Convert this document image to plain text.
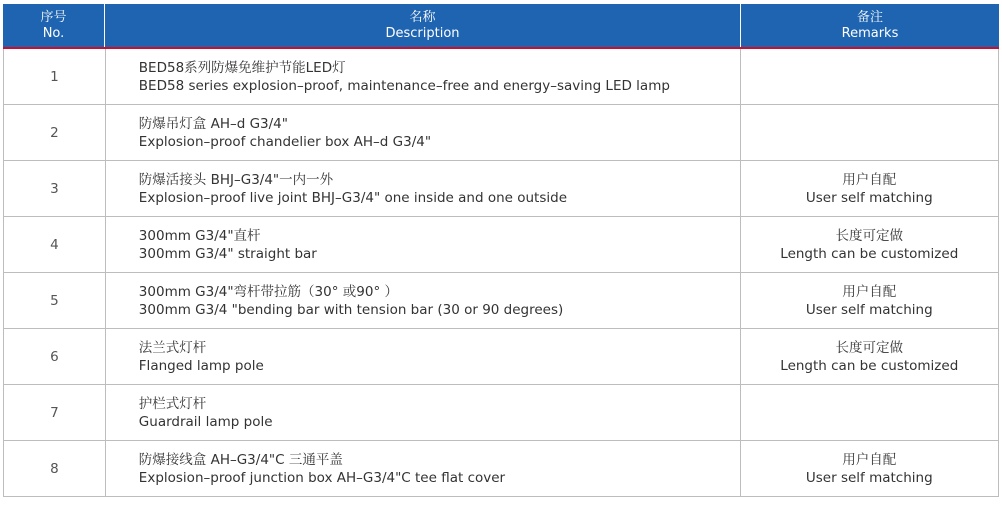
序号
No.
名称
Description
备注
Remarks
1
BED58系列防爆免维护节能LED灯
BED58 series explosion–proof, maintenance–free and energy–saving LED lamp
2
防爆吊灯盒 AH–d G3/4"
Explosion–proof chandelier box AH–d G3/4"
3
防爆活接头 BHJ–G3/4"一内一外
Explosion–proof live joint BHJ–G3/4" one inside and one outside
用户自配
User self matching
4
300mm G3/4"直杆
300mm G3/4" straight bar
长度可定做
Length can be customized
5
300mm G3/4"弯杆带拉筋（30° 或90° ）
300mm G3/4 "bending bar with tension bar (30 or 90 degrees)
用户自配
User self matching
6
法兰式灯杆
Flanged lamp pole
长度可定做
Length can be customized
7
护栏式灯杆
Guardrail lamp pole
8
防爆接线盒 AH–G3/4"C 三通平盖
Explosion–proof junction box AH–G3/4"C tee flat cover
用户自配
User self matching
